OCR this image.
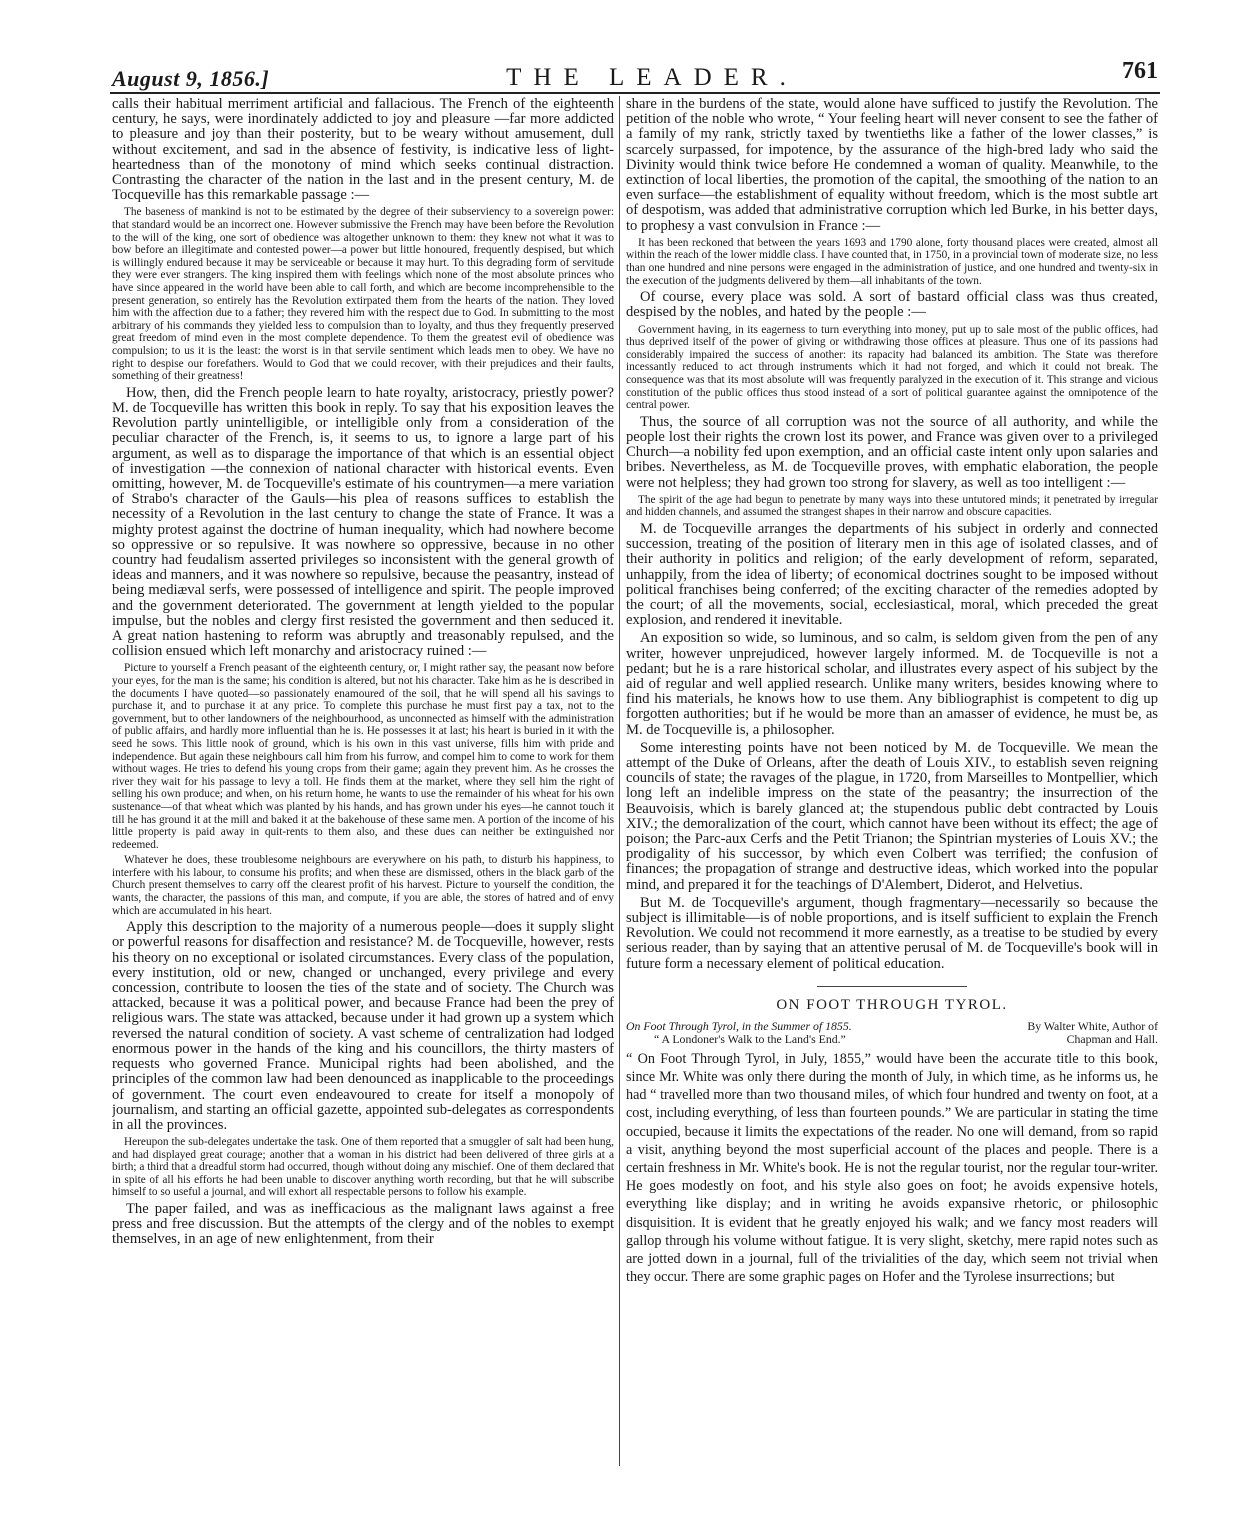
August 9, 1856.]	THE LEADER.	761

calls their habitual merriment artificial and fallacious. The French of the eighteenth century, he says, were inordinately addicted to joy and pleasure —far more addicted to pleasure and joy than their posterity, but to be weary without amusement, dull without excitement, and sad in the absence of festivity, is indicative less of light-heartedness than of the monotony of mind which seeks continual distraction. Contrasting the character of the nation in the last and in the present century, M. de Tocqueville has this remarkable passage :—

The baseness of mankind is not to be estimated by the degree of their subserviency to a sovereign power: that standard would be an incorrect one. However submissive the French may have been before the Revolution to the will of the king, one sort of obedience was altogether unknown to them: they knew not what it was to bow before an illegitimate and contested power—a power but little honoured, frequently despised, but which is willingly endured because it may be serviceable or because it may hurt. To this degrading form of servitude they were ever strangers. The king inspired them with feelings which none of the most absolute princes who have since appeared in the world have been able to call forth, and which are become incomprehensible to the present generation, so entirely has the Revolution extirpated them from the hearts of the nation. They loved him with the affection due to a father; they revered him with the respect due to God. In submitting to the most arbitrary of his commands they yielded less to compulsion than to loyalty, and thus they frequently preserved great freedom of mind even in the most complete dependence. To them the greatest evil of obedience was compulsion; to us it is the least: the worst is in that servile sentiment which leads men to obey. We have no right to despise our forefathers. Would to God that we could recover, with their prejudices and their faults, something of their greatness!

How, then, did the French people learn to hate royalty, aristocracy, priestly power? M. de Tocqueville has written this book in reply. To say that his exposition leaves the Revolution partly unintelligible, or intelligible only from a consideration of the peculiar character of the French, is, it seems to us, to ignore a large part of his argument, as well as to disparage the importance of that which is an essential object of investigation —the connexion of national character with historical events. Even omitting, however, M. de Tocqueville's estimate of his countrymen—a mere variation of Strabo's character of the Gauls—his plea of reasons suffices to establish the necessity of a Revolution in the last century to change the state of France. It was a mighty protest against the doctrine of human inequality, which had nowhere become so oppressive or so repulsive. It was nowhere so oppressive, because in no other country had feudalism asserted privileges so inconsistent with the general growth of ideas and manners, and it was nowhere so repulsive, because the peasantry, instead of being mediæval serfs, were possessed of intelligence and spirit. The people improved and the government deteriorated. The government at length yielded to the popular impulse, but the nobles and clergy first resisted the government and then seduced it. A great nation hastening to reform was abruptly and treasonably repulsed, and the collision ensued which left monarchy and aristocracy ruined :—

Picture to yourself a French peasant of the eighteenth century, or, I might rather say, the peasant now before your eyes, for the man is the same; his condition is altered, but not his character. Take him as he is described in the documents I have quoted—so passionately enamoured of the soil, that he will spend all his savings to purchase it, and to purchase it at any price. To complete this purchase he must first pay a tax, not to the government, but to other landowners of the neighbourhood, as unconnected as himself with the administration of public affairs, and hardly more influential than he is. He possesses it at last; his heart is buried in it with the seed he sows. This little nook of ground, which is his own in this vast universe, fills him with pride and independence. But again these neighbours call him from his furrow, and compel him to come to work for them without wages. He tries to defend his young crops from their game; again they prevent him. As he crosses the river they wait for his passage to levy a toll. He finds them at the market, where they sell him the right of selling his own produce; and when, on his return home, he wants to use the remainder of his wheat for his own sustenance—of that wheat which was planted by his hands, and has grown under his eyes—he cannot touch it till he has ground it at the mill and baked it at the bakehouse of these same men. A portion of the income of his little property is paid away in quit-rents to them also, and these dues can neither be extinguished nor redeemed.

Whatever he does, these troublesome neighbours are everywhere on his path, to disturb his happiness, to interfere with his labour, to consume his profits; and when these are dismissed, others in the black garb of the Church present themselves to carry off the clearest profit of his harvest. Picture to yourself the condition, the wants, the character, the passions of this man, and compute, if you are able, the stores of hatred and of envy which are accumulated in his heart.

Apply this description to the majority of a numerous people—does it supply slight or powerful reasons for disaffection and resistance? M. de Tocqueville, however, rests his theory on no exceptional or isolated circumstances. Every class of the population, every institution, old or new, changed or unchanged, every privilege and every concession, contribute to loosen the ties of the state and of society. The Church was attacked, because it was a political power, and because France had been the prey of religious wars. The state was attacked, because under it had grown up a system which reversed the natural condition of society. A vast scheme of centralization had lodged enormous power in the hands of the king and his councillors, the thirty masters of requests who governed France. Municipal rights had been abolished, and the principles of the common law had been denounced as inapplicable to the proceedings of government. The court even endeavoured to create for itself a monopoly of journalism, and starting an official gazette, appointed sub-delegates as correspondents in all the provinces.

Hereupon the sub-delegates undertake the task. One of them reported that a smuggler of salt had been hung, and had displayed great courage; another that a woman in his district had been delivered of three girls at a birth; a third that a dreadful storm had occurred, though without doing any mischief. One of them declared that in spite of all his efforts he had been unable to discover anything worth recording, but that he will subscribe himself to so useful a journal, and will exhort all respectable persons to follow his example.

The paper failed, and was as inefficacious as the malignant laws against a free press and free discussion. But the attempts of the clergy and of the nobles to exempt themselves, in an age of new enlightenment, from their

share in the burdens of the state, would alone have sufficed to justify the Revolution. The petition of the noble who wrote, “ Your feeling heart will never consent to see the father of a family of my rank, strictly taxed by twentieths like a father of the lower classes,” is scarcely surpassed, for impotence, by the assurance of the high-bred lady who said the Divinity would think twice before He condemned a woman of quality. Meanwhile, to the extinction of local liberties, the promotion of the capital, the smoothing of the nation to an even surface—the establishment of equality without freedom, which is the most subtle art of despotism, was added that administrative corruption which led Burke, in his better days, to prophesy a vast convulsion in France :—

It has been reckoned that between the years 1693 and 1790 alone, forty thousand places were created, almost all within the reach of the lower middle class. I have counted that, in 1750, in a provincial town of moderate size, no less than one hundred and nine persons were engaged in the administration of justice, and one hundred and twenty-six in the execution of the judgments delivered by them—all inhabitants of the town.

Of course, every place was sold. A sort of bastard official class was thus created, despised by the nobles, and hated by the people :—

Government having, in its eagerness to turn everything into money, put up to sale most of the public offices, had thus deprived itself of the power of giving or withdrawing those offices at pleasure. Thus one of its passions had considerably impaired the success of another: its rapacity had balanced its ambition. The State was therefore incessantly reduced to act through instruments which it had not forged, and which it could not break. The consequence was that its most absolute will was frequently paralyzed in the execution of it. This strange and vicious constitution of the public offices thus stood instead of a sort of political guarantee against the omnipotence of the central power.

Thus, the source of all corruption was not the source of all authority, and while the people lost their rights the crown lost its power, and France was given over to a privileged Church—a nobility fed upon exemption, and an official caste intent only upon salaries and bribes. Nevertheless, as M. de Tocqueville proves, with emphatic elaboration, the people were not helpless; they had grown too strong for slavery, as well as too intelligent :—

The spirit of the age had begun to penetrate by many ways into these untutored minds; it penetrated by irregular and hidden channels, and assumed the strangest shapes in their narrow and obscure capacities.

M. de Tocqueville arranges the departments of his subject in orderly and connected succession, treating of the position of literary men in this age of isolated classes, and of their authority in politics and religion; of the early development of reform, separated, unhappily, from the idea of liberty; of economical doctrines sought to be imposed without political franchises being conferred; of the exciting character of the remedies adopted by the court; of all the movements, social, ecclesiastical, moral, which preceded the great explosion, and rendered it inevitable.

An exposition so wide, so luminous, and so calm, is seldom given from the pen of any writer, however unprejudiced, however largely informed. M. de Tocqueville is not a pedant; but he is a rare historical scholar, and illustrates every aspect of his subject by the aid of regular and well applied research. Unlike many writers, besides knowing where to find his materials, he knows how to use them. Any bibliographist is competent to dig up forgotten authorities; but if he would be more than an amasser of evidence, he must be, as M. de Tocqueville is, a philosopher.

Some interesting points have not been noticed by M. de Tocqueville. We mean the attempt of the Duke of Orleans, after the death of Louis XIV., to establish seven reigning councils of state; the ravages of the plague, in 1720, from Marseilles to Montpellier, which long left an indelible impress on the state of the peasantry; the insurrection of the Beauvoisis, which is barely glanced at; the stupendous public debt contracted by Louis XIV.; the demoralization of the court, which cannot have been without its effect; the age of poison; the Parc-aux Cerfs and the Petit Trianon; the Spintrian mysteries of Louis XV.; the prodigality of his successor, by which even Colbert was terrified; the confusion of finances; the propagation of strange and destructive ideas, which worked into the popular mind, and prepared it for the teachings of D'Alembert, Diderot, and Helvetius.

But M. de Tocqueville's argument, though fragmentary—necessarily so because the subject is illimitable—is of noble proportions, and is itself sufficient to explain the French Revolution. We could not recommend it more earnestly, as a treatise to be studied by every serious reader, than by saying that an attentive perusal of M. de Tocqueville's book will in future form a necessary element of political education.

ON FOOT THROUGH TYROL.
On Foot Through Tyrol, in the Summer of 1855.	By Walter White, Author of
“ A Londoner's Walk to the Land's End.”	Chapman and Hall.

“ On Foot Through Tyrol, in July, 1855,” would have been the accurate title to this book, since Mr. White was only there during the month of July, in which time, as he informs us, he had “ travelled more than two thousand miles, of which four hundred and twenty on foot, at a cost, including everything, of less than fourteen pounds.” We are particular in stating the time occupied, because it limits the expectations of the reader. No one will demand, from so rapid a visit, anything beyond the most superficial account of the places and people. There is a certain freshness in Mr. White's book. He is not the regular tourist, nor the regular tour-writer. He goes modestly on foot, and his style also goes on foot; he avoids expensive hotels, everything like display; and in writing he avoids expansive rhetoric, or philosophic disquisition. It is evident that he greatly enjoyed his walk; and we fancy most readers will gallop through his volume without fatigue. It is very slight, sketchy, mere rapid notes such as are jotted down in a journal, full of the trivialities of the day, which seem not trivial when they occur. There are some graphic pages on Hofer and the Tyrolese insurrections; but
